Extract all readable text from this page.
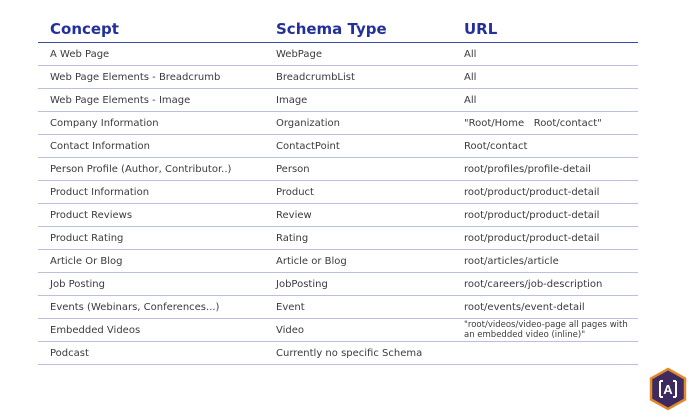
Concept	Schema Type	URL
A Web Page	WebPage	All
Web Page Elements - Breadcrumb	BreadcrumbList	All
Web Page Elements - Image	Image	All
Company Information	Organization	"Root/Home   Root/contact"
Contact Information	ContactPoint	Root/contact
Person Profile (Author, Contributor..)	Person	root/profiles/profile-detail
Product Information	Product	root/product/product-detail
Product Reviews	Review	root/product/product-detail
Product Rating	Rating	root/product/product-detail
Article Or Blog	Article or Blog	root/articles/article
Job Posting	JobPosting	root/careers/job-description
Events (Webinars, Conferences...)	Event	root/events/event-detail
Embedded Videos	Video	"root/videos/video-page all pages with an embedded video (inline)"
Podcast	Currently no specific Schema	
A
